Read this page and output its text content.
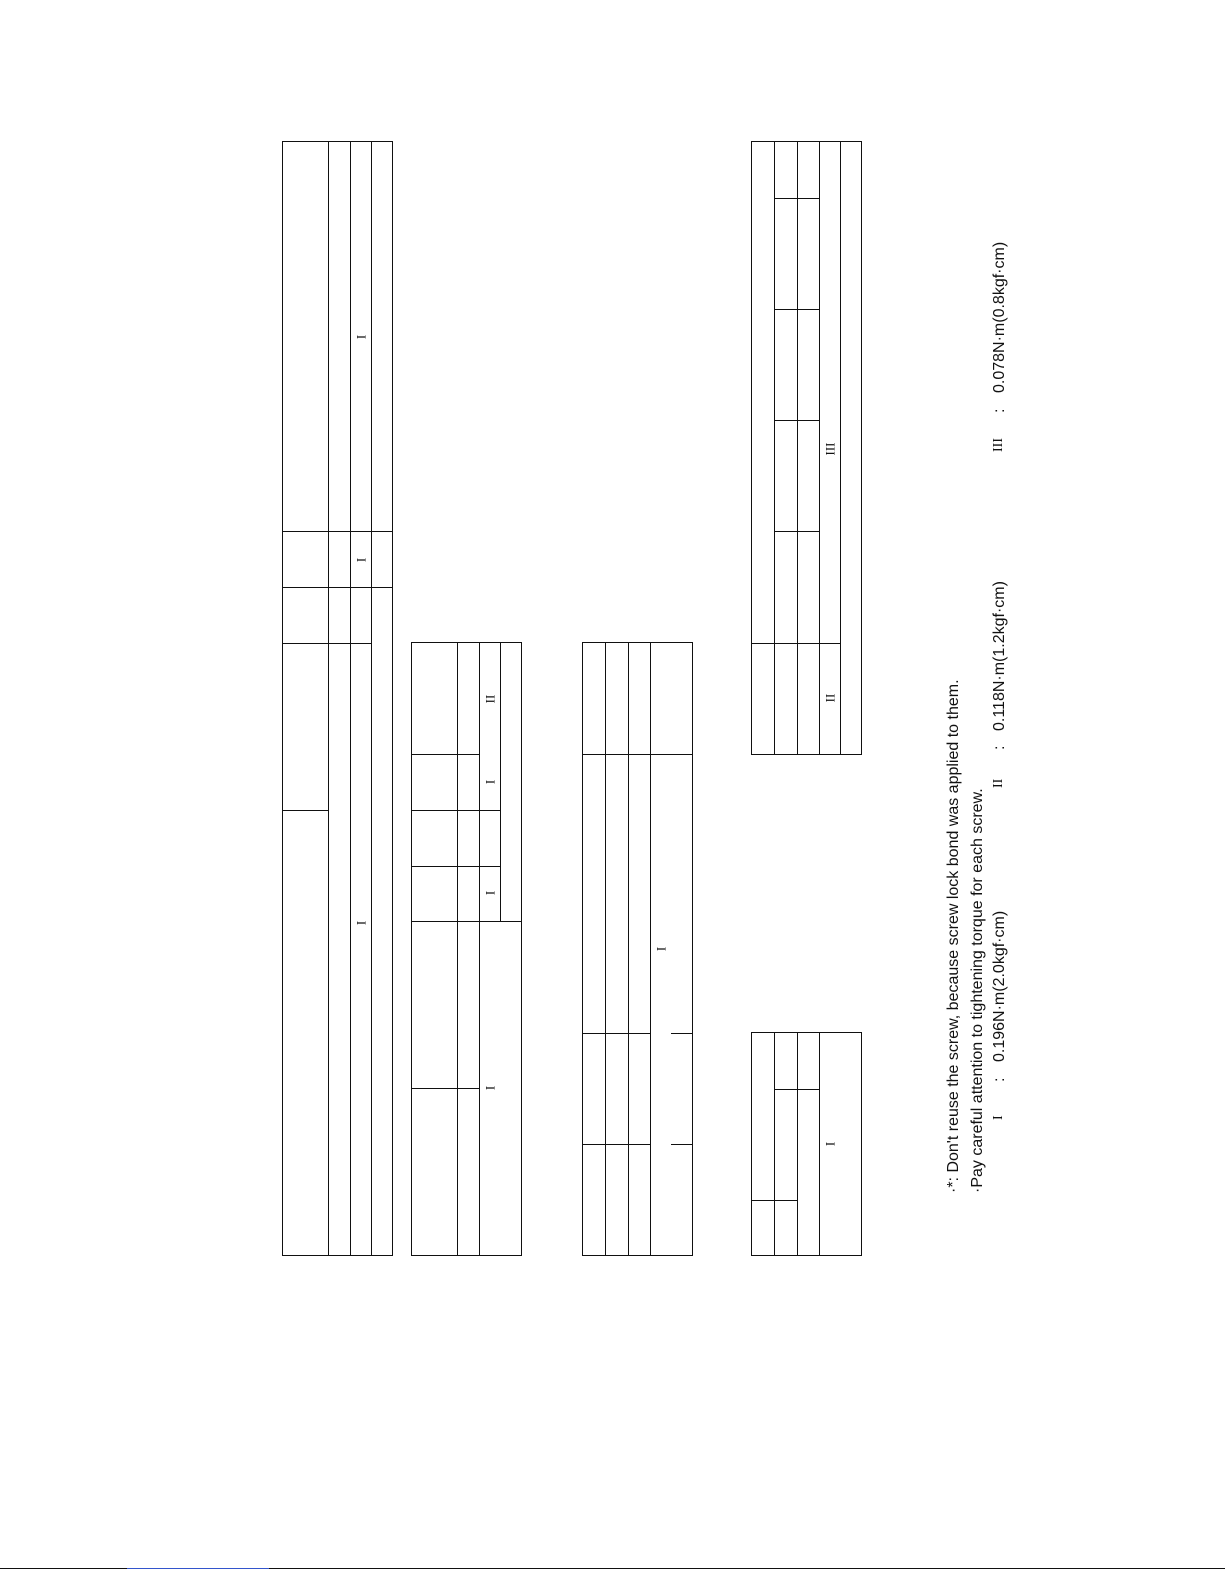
I
I
I
I
I
I
II
I
I
II
III
·*: Don't reuse the screw, because screw lock bond was applied to them. ·Pay careful attention to tightening torque for each screw. I
:
0.196N·m(2.0kgf·cm)
II
:
0.118N·m(1.2kgf·cm)
III
:
0.078N·m(0.8kgf·cm)
